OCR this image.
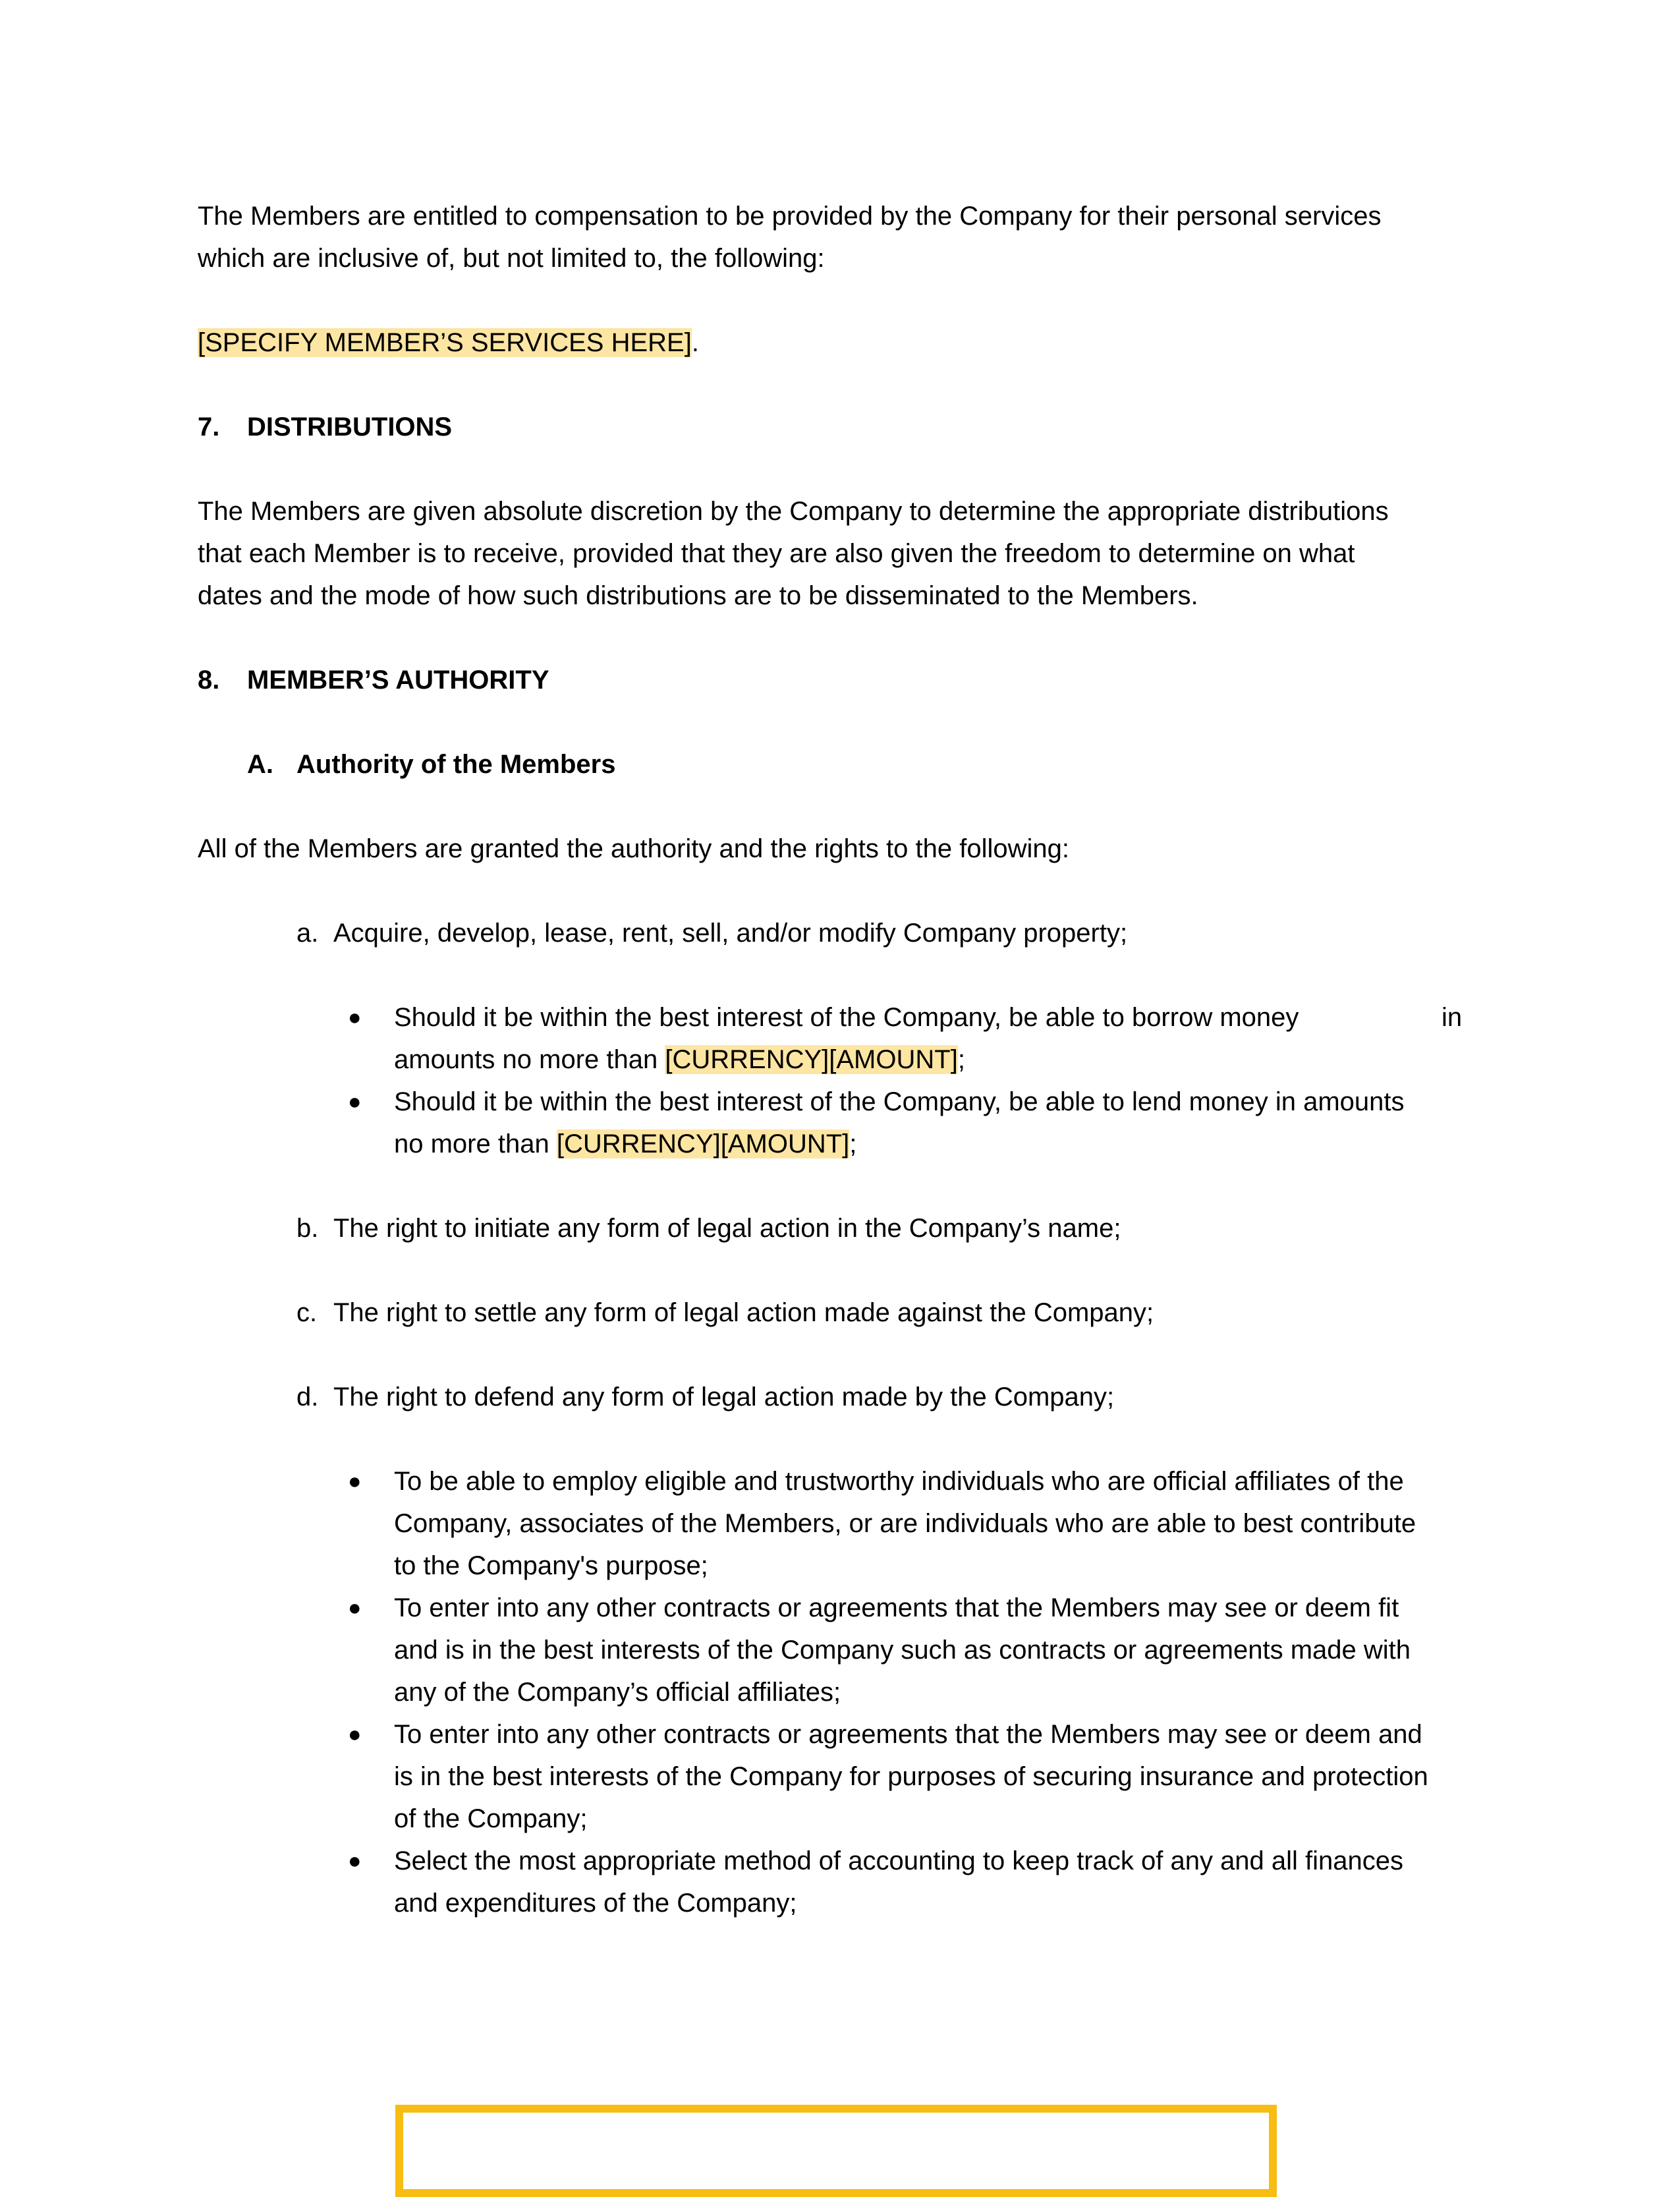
The Members are entitled to compensation to be provided by the Company for their personal services
which are inclusive of, but not limited to, the following:
[SPECIFY MEMBER’S SERVICES HERE].
7. DISTRIBUTIONS
The Members are given absolute discretion by the Company to determine the appropriate distributions
that each Member is to receive, provided that they are also given the freedom to determine on what
dates and the mode of how such distributions are to be disseminated to the Members.
8. MEMBER’S AUTHORITY
A. Authority of the Members
All of the Members are granted the authority and the rights to the following:
a. Acquire, develop, lease, rent, sell, and/or modify Company property;
● Should it be within the best interest of the Company, be able to borrow money	in
amounts no more than [CURRENCY][AMOUNT];
● Should it be within the best interest of the Company, be able to lend money in amounts
no more than [CURRENCY][AMOUNT];
b. The right to initiate any form of legal action in the Company’s name;
c. The right to settle any form of legal action made against the Company;
d. The right to defend any form of legal action made by the Company;
● To be able to employ eligible and trustworthy individuals who are official affiliates of the
Company, associates of the Members, or are individuals who are able to best contribute
to the Company's purpose;
● To enter into any other contracts or agreements that the Members may see or deem fit
and is in the best interests of the Company such as contracts or agreements made with
any of the Company’s official affiliates;
● To enter into any other contracts or agreements that the Members may see or deem and
is in the best interests of the Company for purposes of securing insurance and protection
of the Company;
● Select the most appropriate method of accounting to keep track of any and all finances
and expenditures of the Company;
